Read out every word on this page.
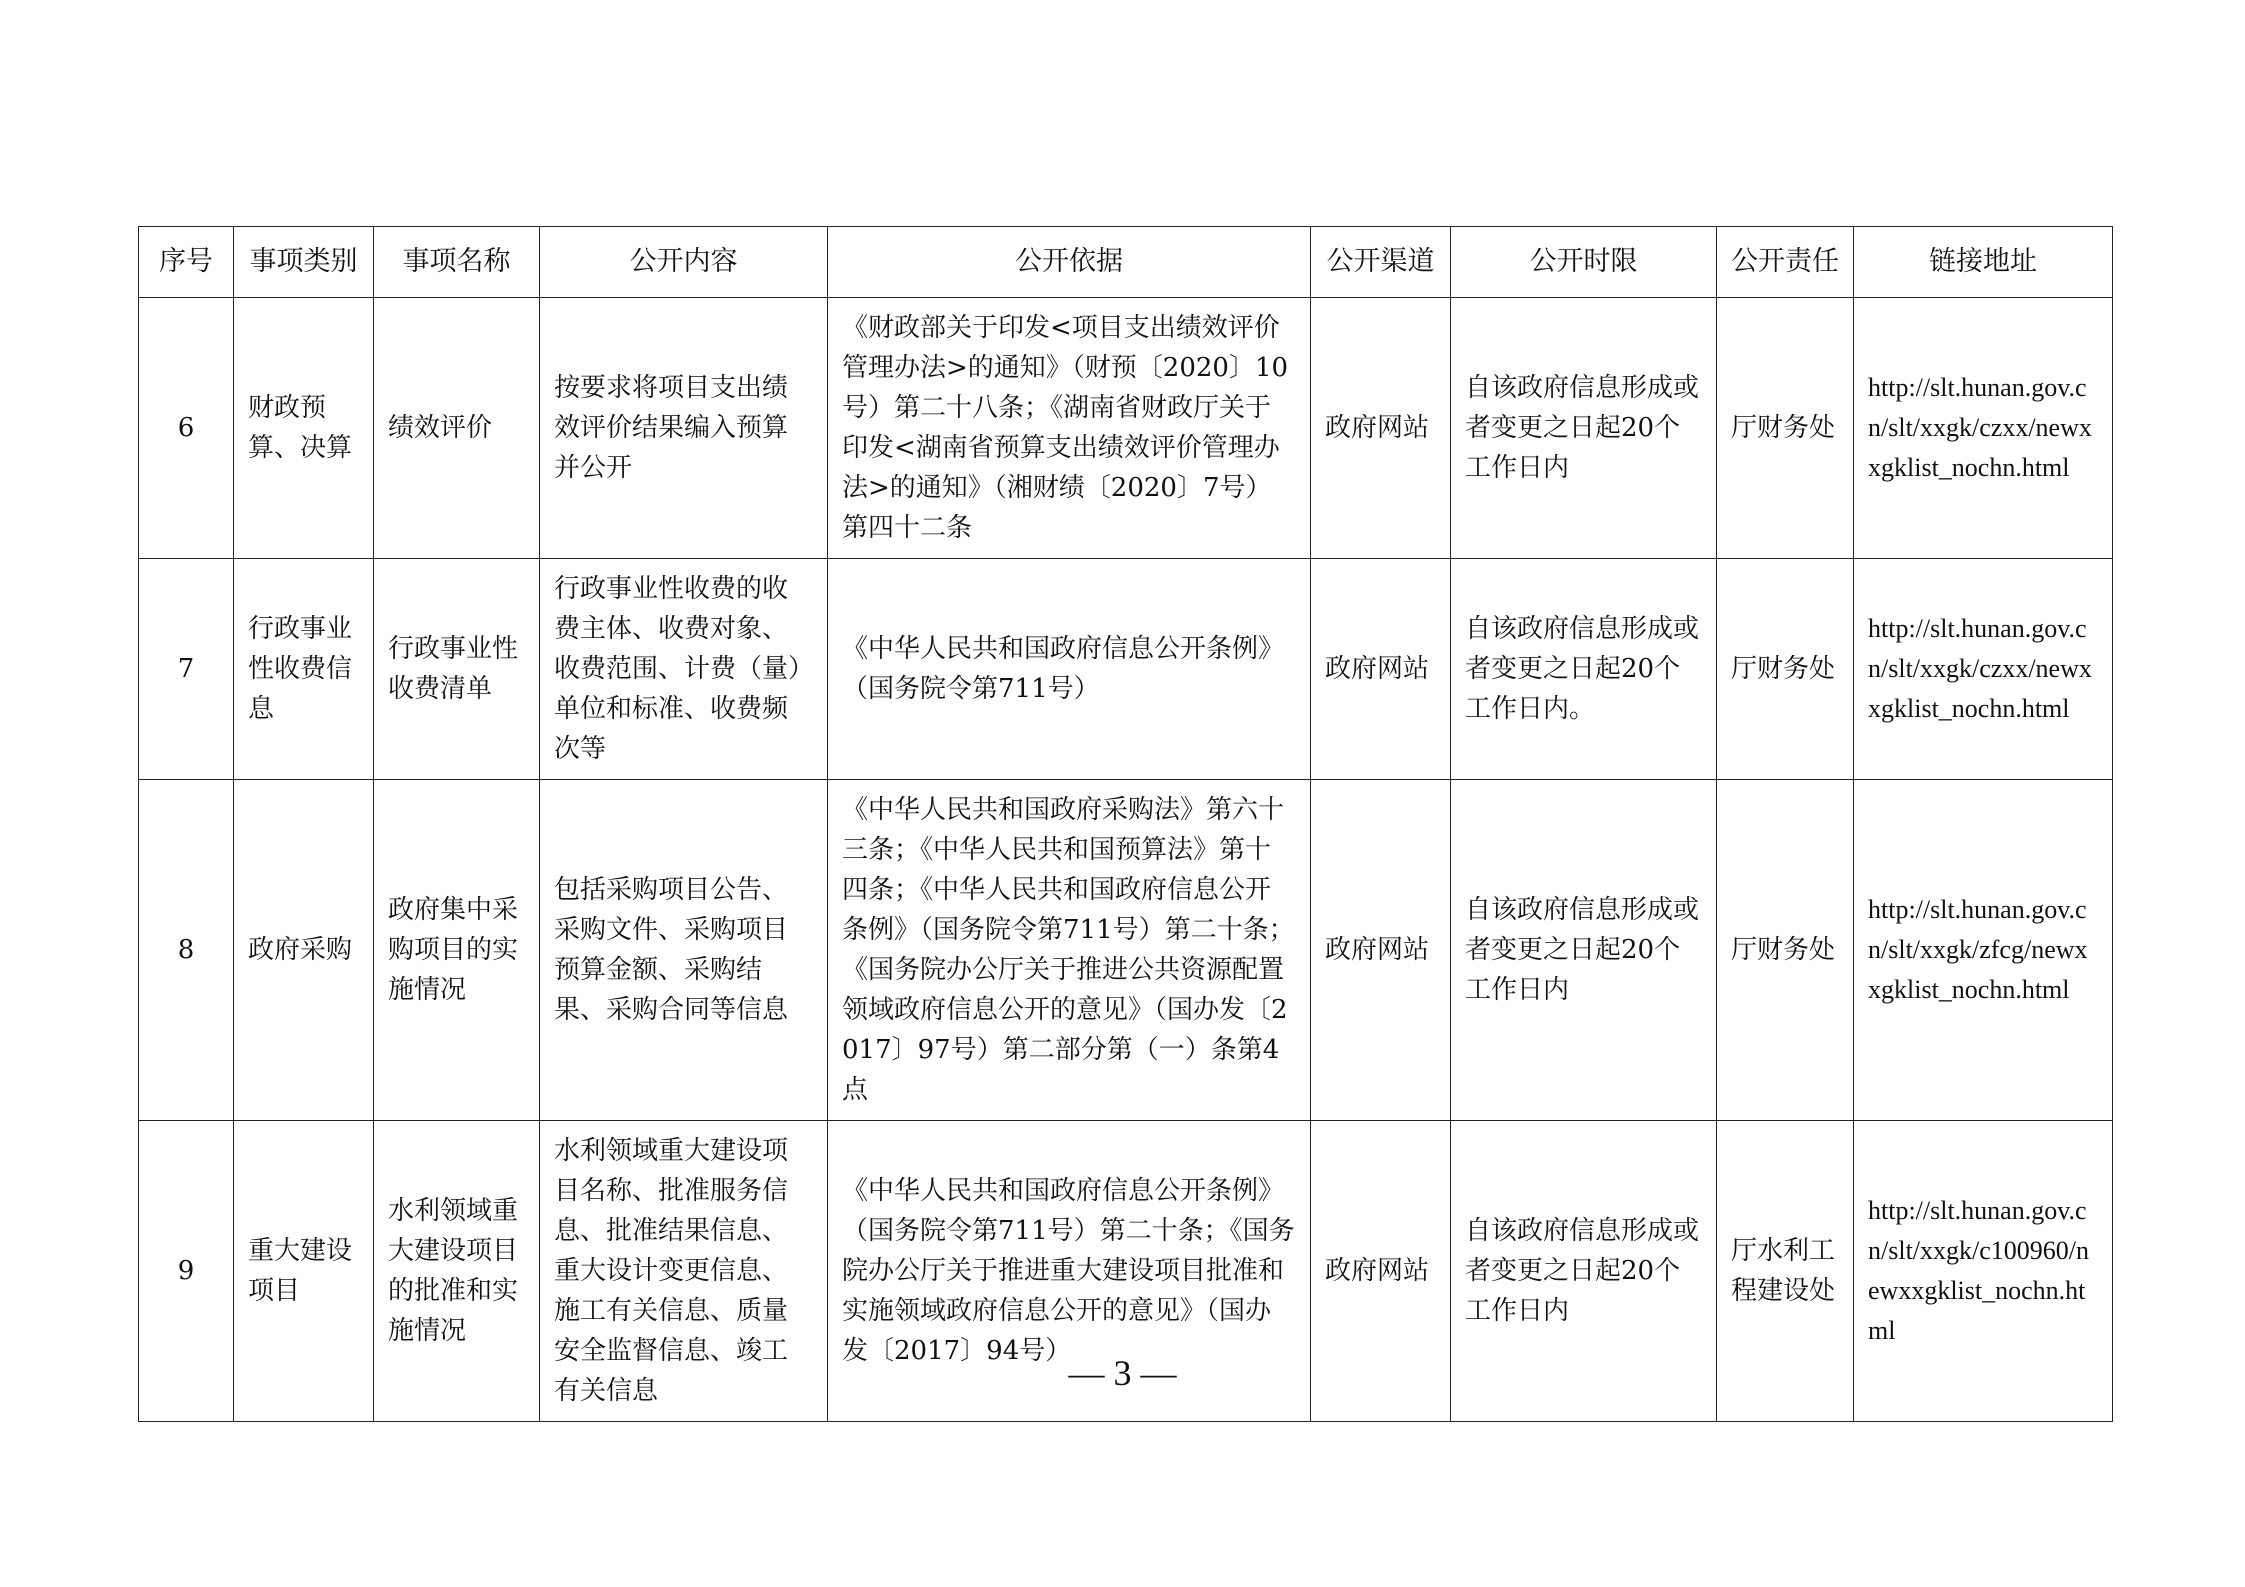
序号	事项类别	事项名称	公开内容	公开依据	公开渠道	公开时限	公开责任	链接地址
6	财政预算、决算	绩效评价	按要求将项目支出绩效评价结果编入预算并公开	《财政部关于印发<项目支出绩效评价管理办法>的通知》（财预〔2020〕10号）第二十八条；《湖南省财政厅关于印发<湖南省预算支出绩效评价管理办法>的通知》（湘财绩〔2020〕7号）第四十二条	政府网站	自该政府信息形成或者变更之日起20个工作日内	厅财务处	http://slt.hunan.gov.cn/slt/xxgk/czxx/newxxgklist_nochn.html
7	行政事业性收费信息	行政事业性收费清单	行政事业性收费的收费主体、收费对象、收费范围、计费（量）单位和标准、收费频次等	《中华人民共和国政府信息公开条例》（国务院令第711号）	政府网站	自该政府信息形成或者变更之日起20个工作日内。	厅财务处	http://slt.hunan.gov.cn/slt/xxgk/czxx/newxxgklist_nochn.html
8	政府采购	政府集中采购项目的实施情况	包括采购项目公告、采购文件、采购项目预算金额、采购结果、采购合同等信息	《中华人民共和国政府采购法》第六十三条；《中华人民共和国预算法》第十四条；《中华人民共和国政府信息公开条例》（国务院令第711号）第二十条；《国务院办公厅关于推进公共资源配置领域政府信息公开的意见》（国办发〔2017〕97号）第二部分第（一）条第4点	政府网站	自该政府信息形成或者变更之日起20个工作日内	厅财务处	http://slt.hunan.gov.cn/slt/xxgk/zfcg/newxxgklist_nochn.html
9	重大建设项目	水利领域重大建设项目的批准和实施情况	水利领域重大建设项目名称、批准服务信息、批准结果信息、重大设计变更信息、施工有关信息、质量安全监督信息、竣工有关信息	《中华人民共和国政府信息公开条例》（国务院令第711号）第二十条；《国务院办公厅关于推进重大建设项目批准和实施领域政府信息公开的意见》（国办发〔2017〕94号）	政府网站	自该政府信息形成或者变更之日起20个工作日内	厅水利工程建设处	http://slt.hunan.gov.cn/slt/xxgk/c100960/newxxgklist_nochn.html
— 3 —
